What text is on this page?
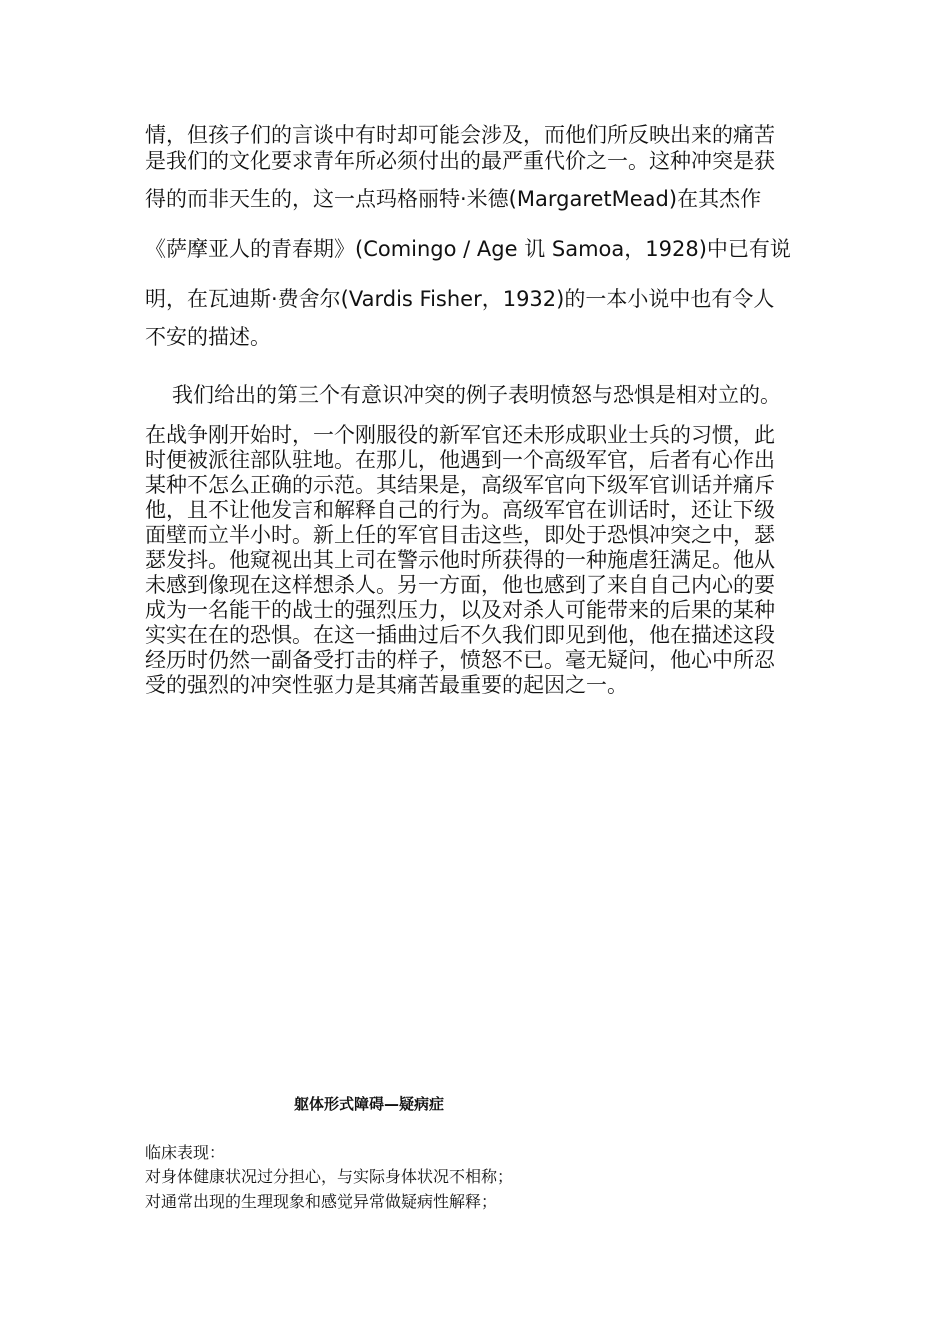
情，但孩子们的言谈中有时却可能会涉及，而他们所反映出来的痛苦
是我们的文化要求青年所必须付出的最严重代价之一。这种冲突是获
得的而非天生的，这一点玛格丽特·米德(MargaretMead)在其杰作
《萨摩亚人的青春期》(Comingo / Age 讥 Samoa，1928)中已有说
明，在瓦迪斯·费舍尔(Vardis Fisher，1932)的一本小说中也有令人
不安的描述。
我们给出的第三个有意识冲突的例子表明愤怒与恐惧是相对立的。
在战争刚开始时，一个刚服役的新军官还未形成职业士兵的习惯，此
时便被派往部队驻地。在那儿，他遇到一个高级军官，后者有心作出
某种不怎么正确的示范。其结果是，高级军官向下级军官训话并痛斥
他，且不让他发言和解释自己的行为。高级军官在训话时，还让下级
面壁而立半小时。新上任的军官目击这些，即处于恐惧冲突之中，瑟
瑟发抖。他窥视出其上司在警示他时所获得的一种施虐狂满足。他从
未感到像现在这样想杀人。另一方面，他也感到了来自自己内心的要
成为一名能干的战士的强烈压力，以及对杀人可能带来的后果的某种
实实在在的恐惧。在这一插曲过后不久我们即见到他，他在描述这段
经历时仍然一副备受打击的样子，愤怒不已。毫无疑问，他心中所忍
受的强烈的冲突性驱力是其痛苦最重要的起因之一。
躯体形式障碍—疑病症
临床表现：
对身体健康状况过分担心，与实际身体状况不相称；
对通常出现的生理现象和感觉异常做疑病性解释；
